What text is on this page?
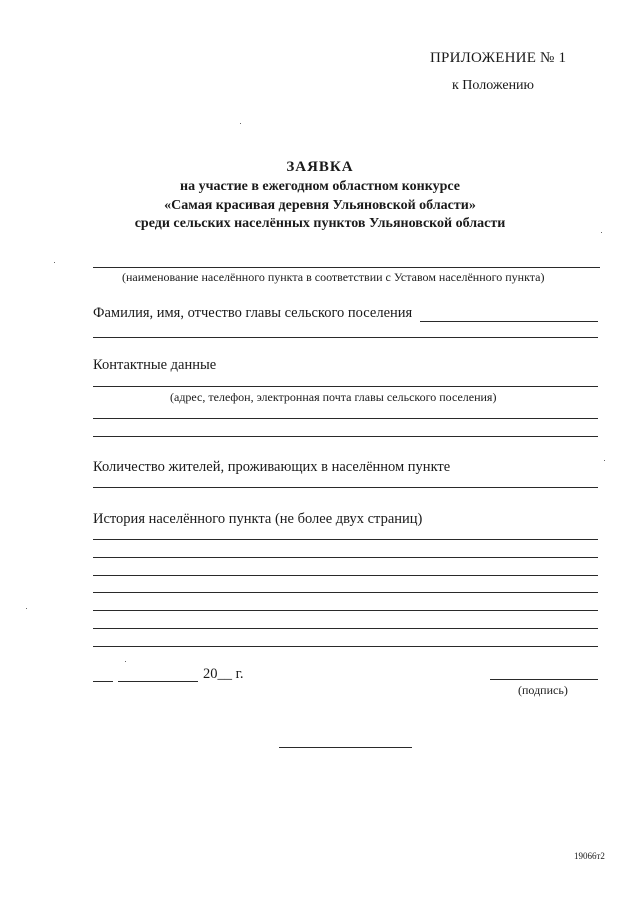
ПРИЛОЖЕНИЕ № 1
к Положению
ЗАЯВКА
на участие в ежегодном областном конкурсе
«Самая красивая деревня Ульяновской области»
среди сельских населённых пунктов Ульяновской области
(наименование населённого пункта в соответствии с Уставом населённого пункта)
Фамилия, имя, отчество главы сельского поселения
Контактные данные
(адрес, телефон, электронная почта главы сельского поселения)
Количество жителей, проживающих в населённом пункте
История населённого пункта (не более двух страниц)
20__ г.
(подпись)
19066т2
